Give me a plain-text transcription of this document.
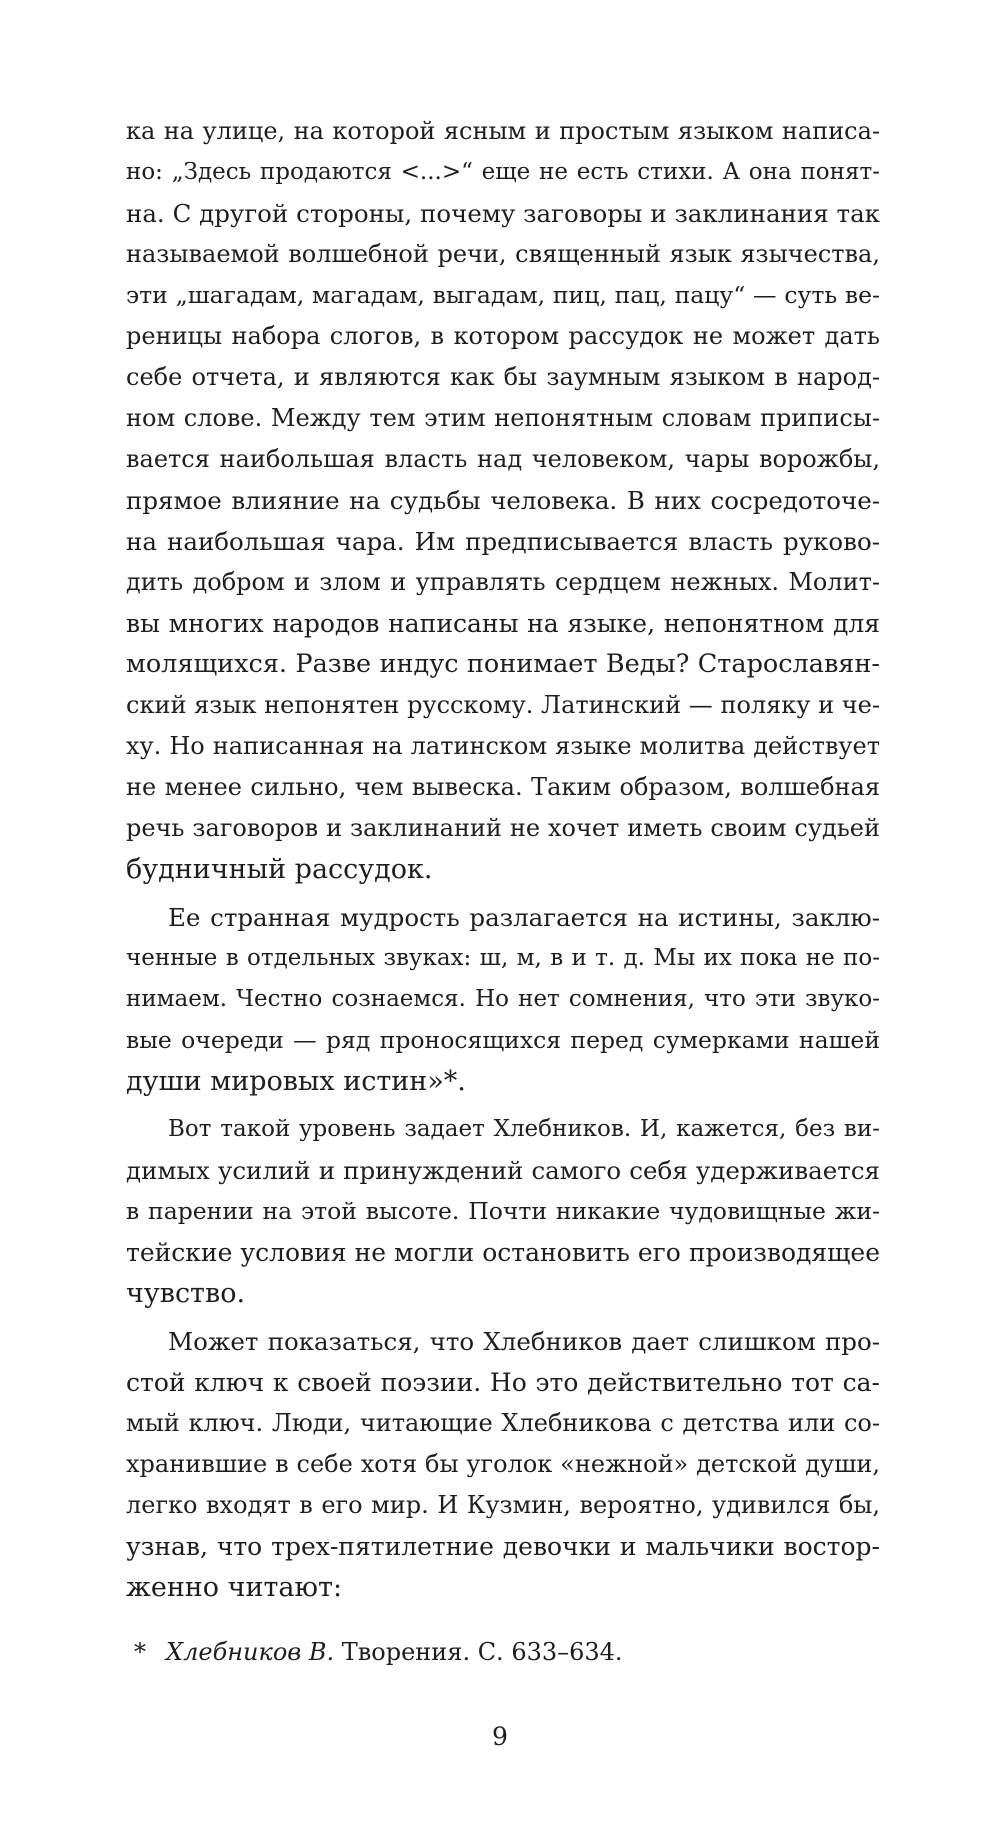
ка на улице, на которой ясным и простым языком написа-
но: „Здесь продаются <...>“ еще не есть стихи. А она понят-
на. С другой стороны, почему заговоры и заклинания так
называемой волшебной речи, священный язык язычества,
эти „шагадам, магадам, выгадам, пиц, пац, пацу“ — суть ве-
реницы набора слогов, в котором рассудок не может дать
себе отчета, и являются как бы заумным языком в народ-
ном слове. Между тем этим непонятным словам приписы-
вается наибольшая власть над человеком, чары ворожбы,
прямое влияние на судьбы человека. В них сосредоточе-
на наибольшая чара. Им предписывается власть руково-
дить добром и злом и управлять сердцем нежных. Молит-
вы многих народов написаны на языке, непонятном для
молящихся. Разве индус понимает Веды? Старославян-
ский язык непонятен русскому. Латинский — поляку и че-
ху. Но написанная на латинском языке молитва действует
не менее сильно, чем вывеска. Таким образом, волшебная
речь заговоров и заклинаний не хочет иметь своим судьей
будничный рассудок.
Ее странная мудрость разлагается на истины, заклю-
ченные в отдельных звуках: ш, м, в и т. д. Мы их пока не по-
нимаем. Честно сознаемся. Но нет сомнения, что эти звуко-
вые очереди — ряд проносящихся перед сумерками нашей
души мировых истин»*.
Вот такой уровень задает Хлебников. И, кажется, без ви-
димых усилий и принуждений самого себя удерживается
в парении на этой высоте. Почти никакие чудовищные жи-
тейские условия не могли остановить его производящее
чувство.
Может показаться, что Хлебников дает слишком про-
стой ключ к своей поэзии. Но это действительно тот са-
мый ключ. Люди, читающие Хлебникова с детства или со-
хранившие в себе хотя бы уголок «нежной» детской души,
легко входят в его мир. И Кузмин, вероятно, удивился бы,
узнав, что трех-пятилетние девочки и мальчики востор-
женно читают:
* Хлебников В. Творения. С. 633–634.
9
